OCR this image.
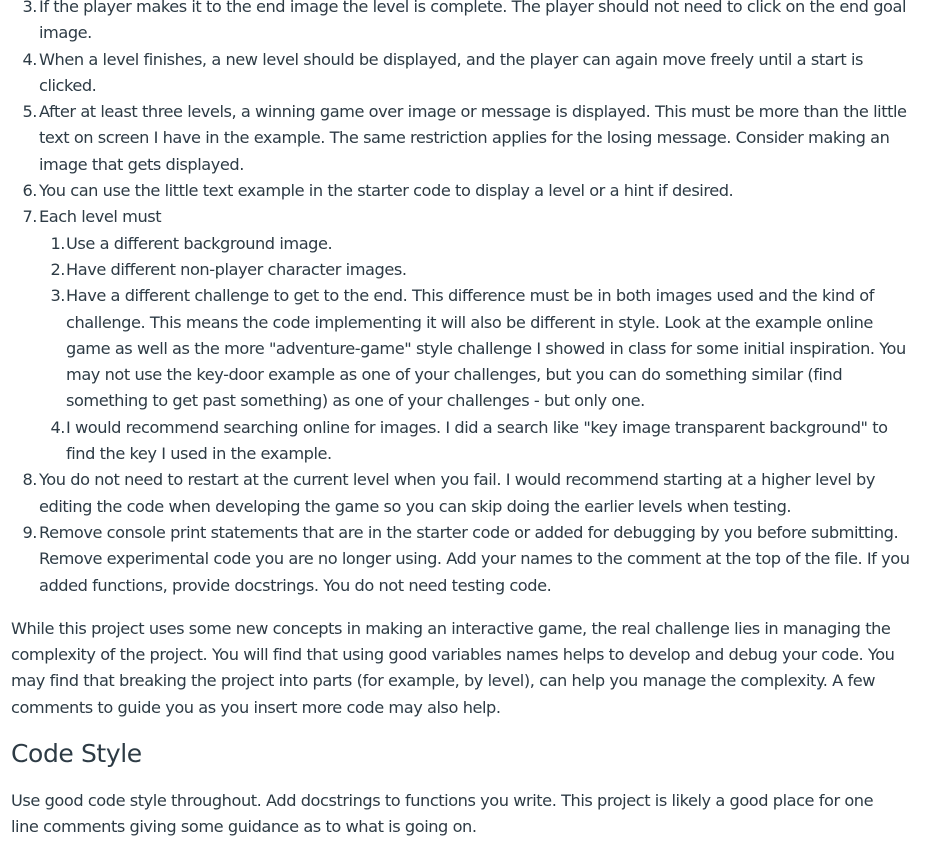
3. If the player makes it to the end image the level is complete. The player should not need to click on the end goal
image.
4. When a level finishes, a new level should be displayed, and the player can again move freely until a start is
clicked.
5. After at least three levels, a winning game over image or message is displayed. This must be more than the little
text on screen I have in the example. The same restriction applies for the losing message. Consider making an
image that gets displayed.
6. You can use the little text example in the starter code to display a level or a hint if desired.
7. Each level must
1. Use a different background image.
2. Have different non-player character images.
3. Have a different challenge to get to the end. This difference must be in both images used and the kind of
challenge. This means the code implementing it will also be different in style. Look at the example online
game as well as the more "adventure-game" style challenge I showed in class for some initial inspiration. You
may not use the key-door example as one of your challenges, but you can do something similar (find
something to get past something) as one of your challenges - but only one.
4. I would recommend searching online for images. I did a search like "key image transparent background" to
find the key I used in the example.
8. You do not need to restart at the current level when you fail. I would recommend starting at a higher level by
editing the code when developing the game so you can skip doing the earlier levels when testing.
9. Remove console print statements that are in the starter code or added for debugging by you before submitting.
Remove experimental code you are no longer using. Add your names to the comment at the top of the file. If you
added functions, provide docstrings. You do not need testing code.
While this project uses some new concepts in making an interactive game, the real challenge lies in managing the
complexity of the project. You will find that using good variables names helps to develop and debug your code. You
may find that breaking the project into parts (for example, by level), can help you manage the complexity. A few
comments to guide you as you insert more code may also help.
Code Style
Use good code style throughout. Add docstrings to functions you write. This project is likely a good place for one
line comments giving some guidance as to what is going on.
